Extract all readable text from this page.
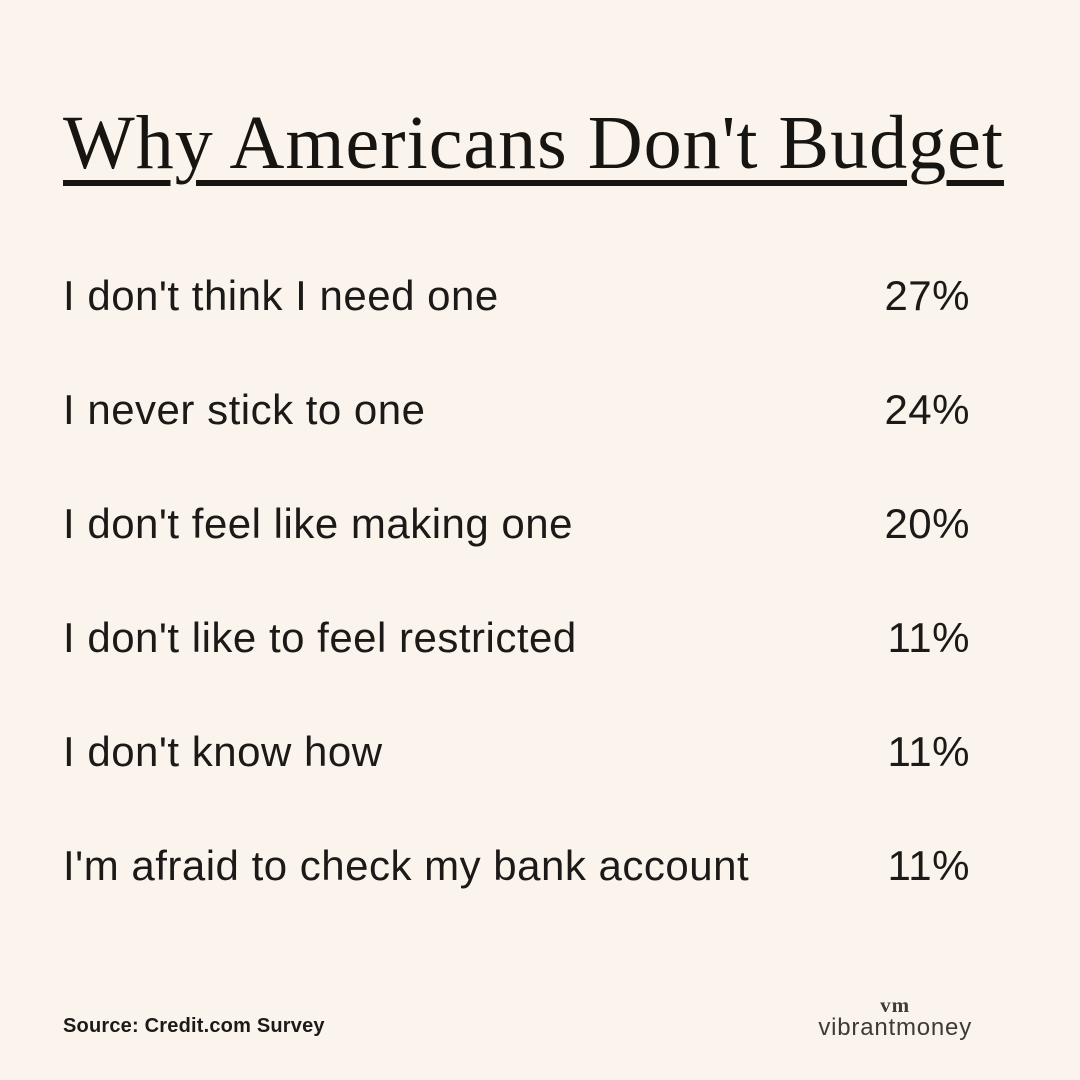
Why Americans Don't Budget
I don't think I need one	27%
I never stick to one	24%
I don't feel like making one	20%
I don't like to feel restricted	11%
I don't know how	11%
I'm afraid to check my bank account	11%
Source: Credit.com Survey
vm
vibrantmoney
